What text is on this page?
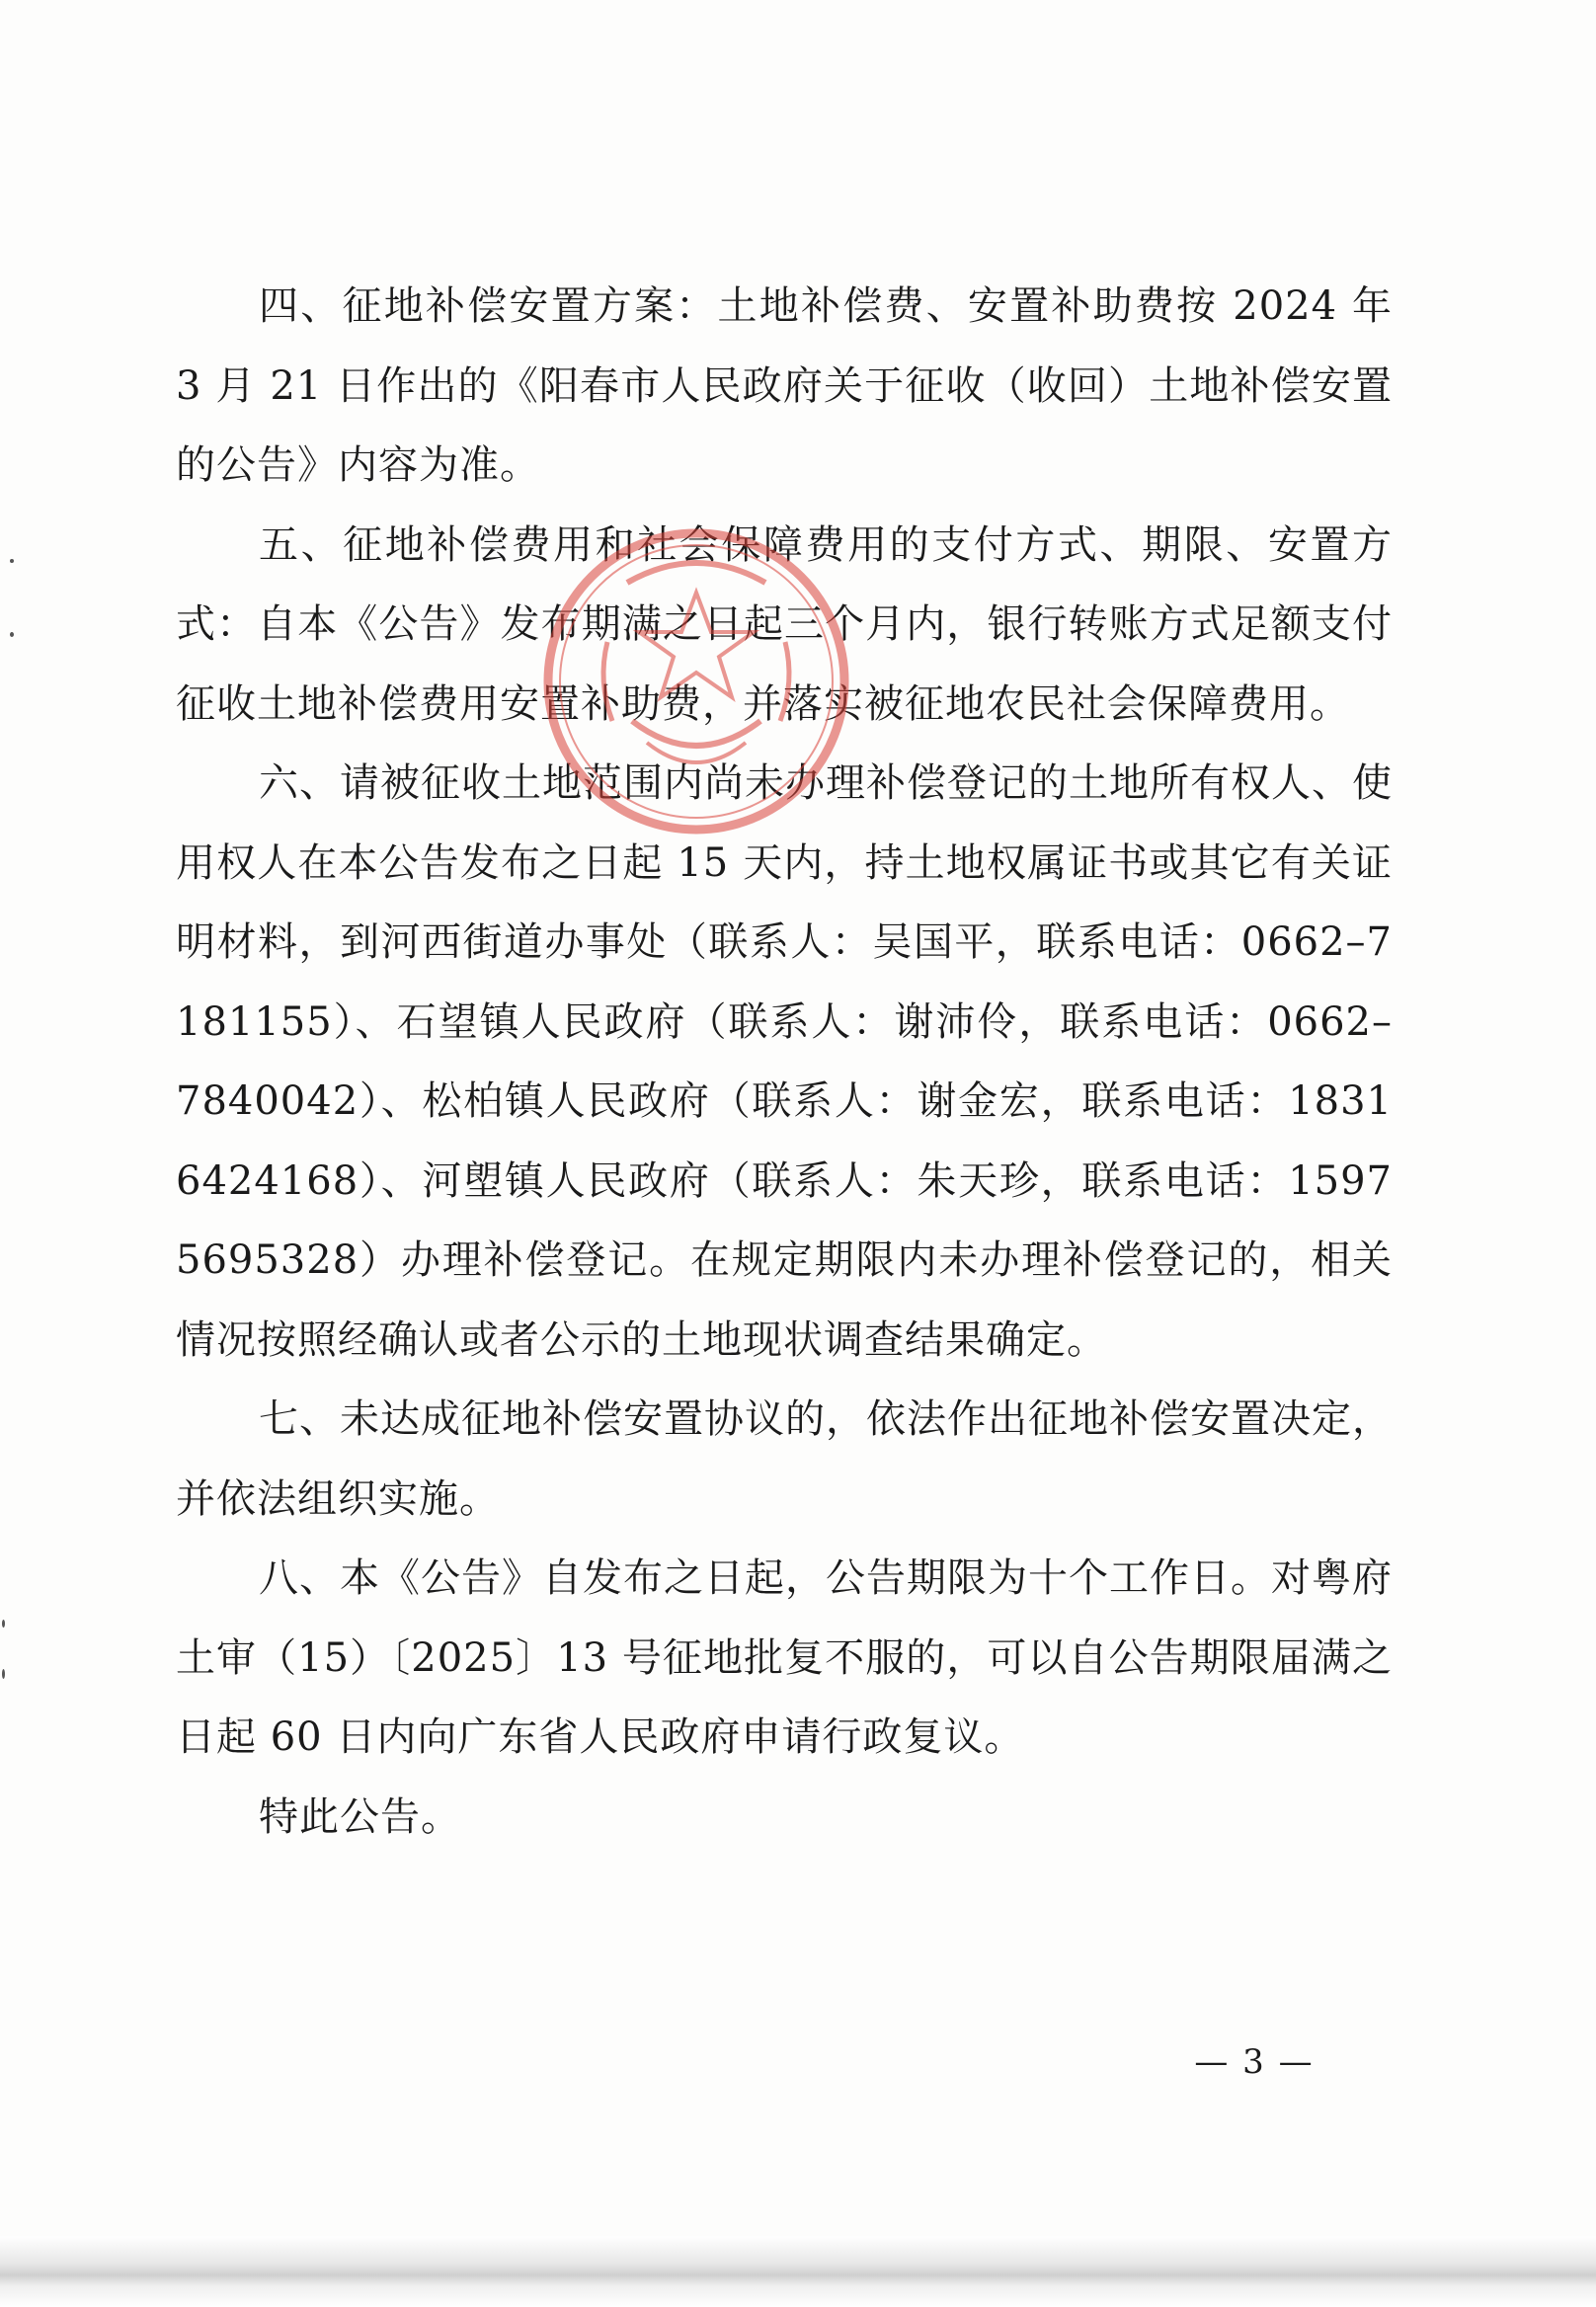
四、征地补偿安置方案：土地补偿费、安置补助费按 2024 年 3 月 21 日作出的《阳春市人民政府关于征收（收回）土地补偿安置的公告》内容为准。

五、征地补偿费用和社会保障费用的支付方式、期限、安置方式：自本《公告》发布期满之日起三个月内，银行转账方式足额支付征收土地补偿费用安置补助费，并落实被征地农民社会保障费用。

六、请被征收土地范围内尚未办理补偿登记的土地所有权人、使用权人在本公告发布之日起 15 天内，持土地权属证书或其它有关证明材料，到河西街道办事处（联系人：吴国平，联系电话：0662–7181155）、石望镇人民政府（联系人：谢沛伶，联系电话：0662–7840042）、松柏镇人民政府（联系人：谢金宏，联系电话：18316424168）、河塱镇人民政府（联系人：朱天珍，联系电话：15975695328）办理补偿登记。在规定期限内未办理补偿登记的，相关情况按照经确认或者公示的土地现状调查结果确定。

七、未达成征地补偿安置协议的，依法作出征地补偿安置决定，并依法组织实施。

八、本《公告》自发布之日起，公告期限为十个工作日。对粤府土审（15）〔2025〕13 号征地批复不服的，可以自公告期限届满之日起 60 日内向广东省人民政府申请行政复议。

特此公告。

— 3 —
